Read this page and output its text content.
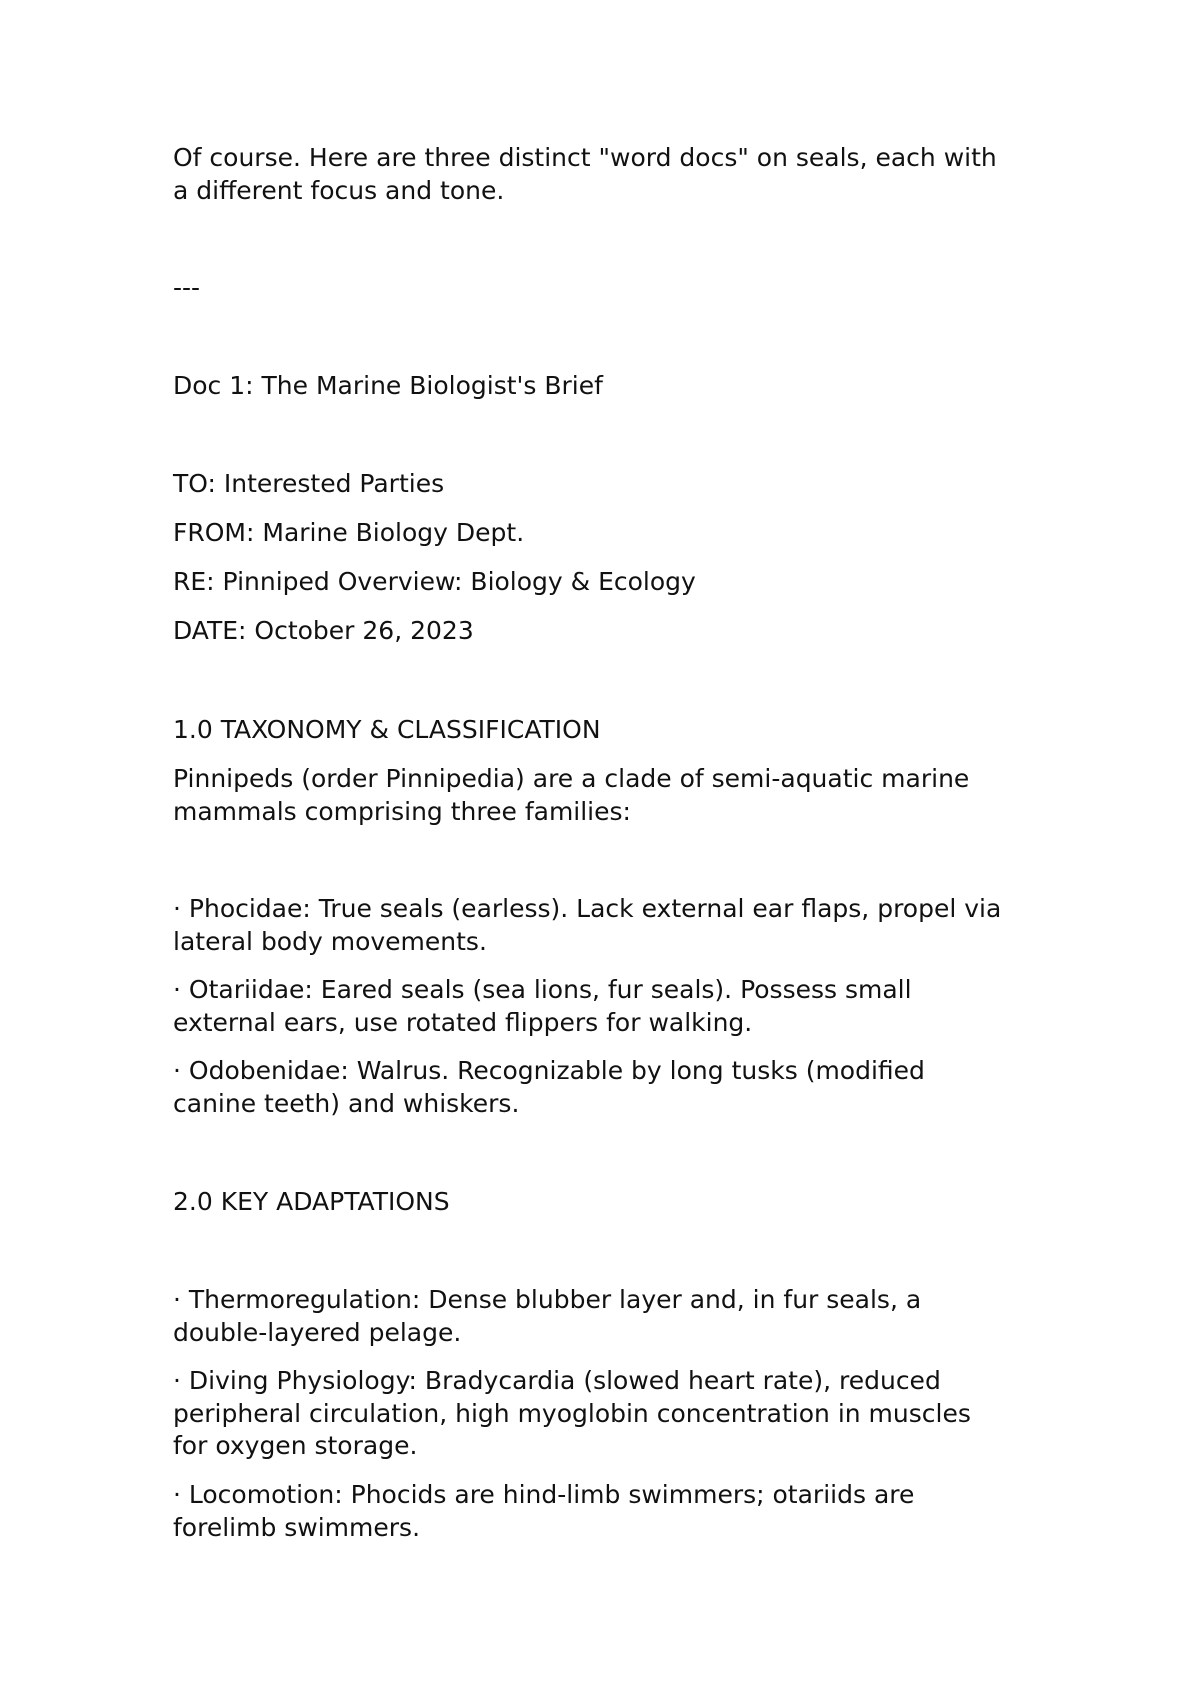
Of course. Here are three distinct "word docs" on seals, each with a different focus and tone.

---

Doc 1: The Marine Biologist's Brief

TO: Interested Parties

FROM: Marine Biology Dept.

RE: Pinniped Overview: Biology & Ecology

DATE: October 26, 2023

1.0 TAXONOMY & CLASSIFICATION

Pinnipeds (order Pinnipedia) are a clade of semi-aquatic marine mammals comprising three families:

· Phocidae: True seals (earless). Lack external ear flaps, propel via lateral body movements.

· Otariidae: Eared seals (sea lions, fur seals). Possess small external ears, use rotated flippers for walking.

· Odobenidae: Walrus. Recognizable by long tusks (modified canine teeth) and whiskers.

2.0 KEY ADAPTATIONS

· Thermoregulation: Dense blubber layer and, in fur seals, a double-layered pelage.

· Diving Physiology: Bradycardia (slowed heart rate), reduced peripheral circulation, high myoglobin concentration in muscles for oxygen storage.

· Locomotion: Phocids are hind-limb swimmers; otariids are forelimb swimmers.
